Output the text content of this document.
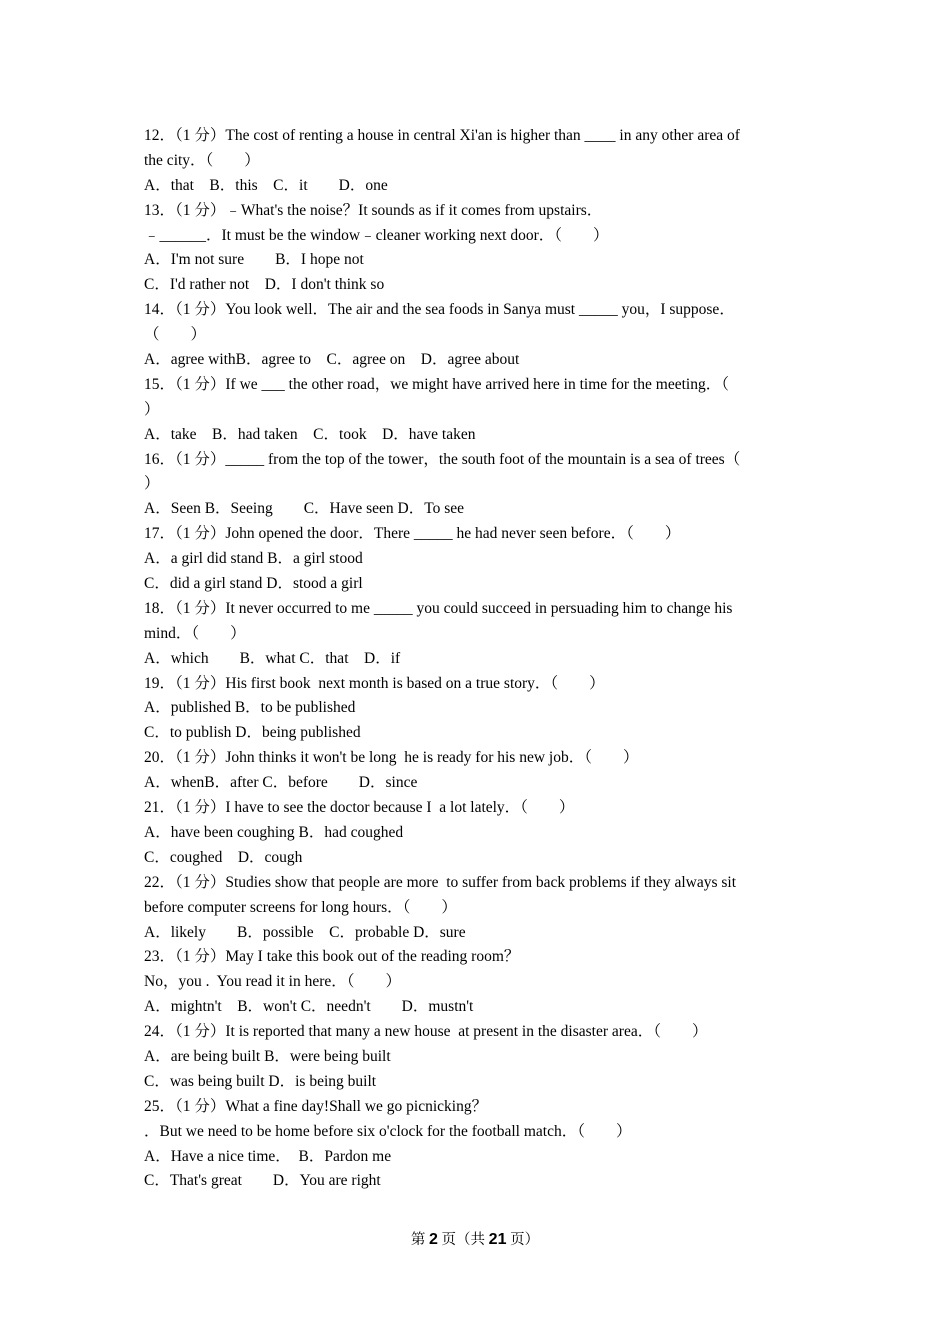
12．（1 分）The cost of renting a house in central Xi'an is higher than ____ in any other area of
the city．（　　）
A．that　B．this　C．it　　D．one
13．（1 分）﹣What's the noise？It sounds as if it comes from upstairs．
﹣______．It must be the window﹣cleaner working next door．（　　）
A．I'm not sure　　B．I hope not
C．I'd rather not　D．I don't think so
14．（1 分）You look well．The air and the sea foods in Sanya must _____ you，I suppose．
（　　）
A．agree withB．agree to　C．agree on　D．agree about
15．（1 分）If we ___ the other road，we might have arrived here in time for the meeting．（
）
A．take　B．had taken　C．took　D．have taken
16．（1 分）_____ from the top of the tower，the south foot of the mountain is a sea of trees（
）
A．Seen B．Seeing　　C．Have seen D．To see
17．（1 分）John opened the door．There _____ he had never seen before．（　　）
A．a girl did stand B．a girl stood
C．did a girl stand D．stood a girl
18．（1 分）It never occurred to me _____ you could succeed in persuading him to change his
mind．（　　）
A．which　　B．what C．that　D．if
19．（1 分）His first book  next month is based on a true story．（　　）
A．published B．to be published
C．to publish D．being published
20．（1 分）John thinks it won't be long  he is ready for his new job．（　　）
A．whenB．after C．before　　D．since
21．（1 分）I have to see the doctor because I  a lot lately．（　　）
A．have been coughing B．had coughed
C．coughed　D．cough
22．（1 分）Studies show that people are more  to suffer from back problems if they always sit
before computer screens for long hours．（　　）
A．likely　　B．possible　C．probable D．sure
23．（1 分）May I take this book out of the reading room？
No，you .  You read it in here．（　　）
A．mightn't　B．won't C．needn't　　D．mustn't
24．（1 分）It is reported that many a new house  at present in the disaster area．（　　）
A．are being built B．were being built
C．was being built D．is being built
25．（1 分）What a fine day!Shall we go picnicking？
．But we need to be home before six o'clock for the football match．（　　）
A．Have a nice time．　B．Pardon me
C．That's great　　D．You are right
第 2 页（共 21 页）
